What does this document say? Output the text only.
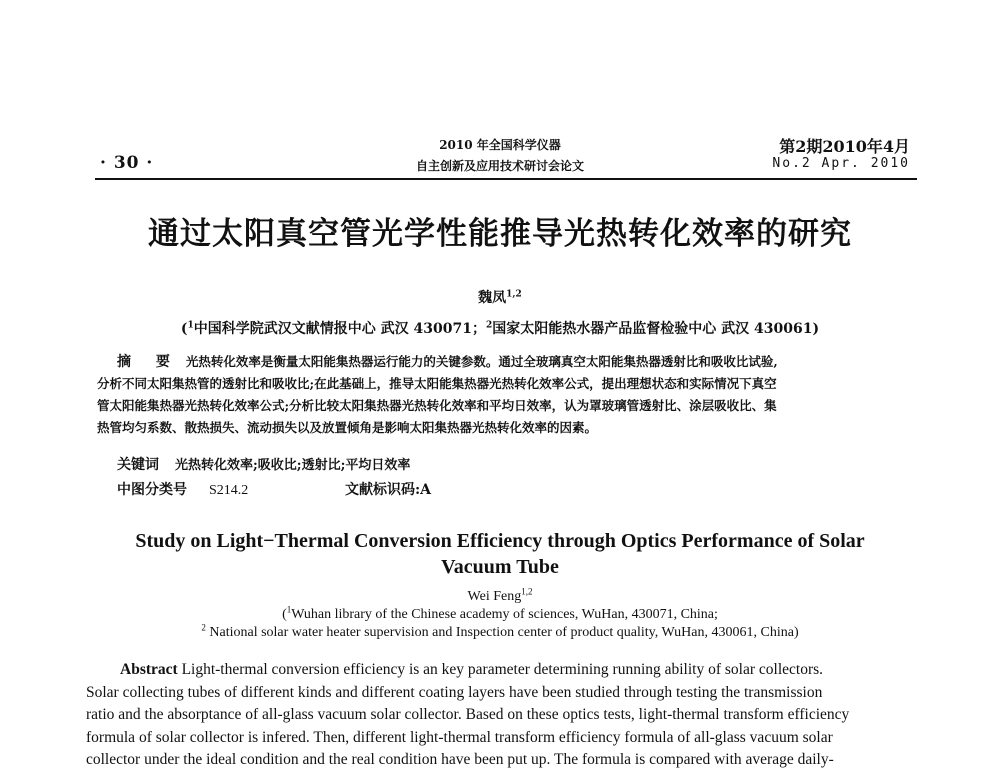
· 30 ·
2010 年全国科学仪器
自主创新及应用技术研讨会论文
第2期2010年4月
No.2 Apr. 2010
通过太阳真空管光学性能推导光热转化效率的研究
魏凤$^{1,2}$
($^1$中国科学院武汉文献情报中心 武汉 430071；$^2$国家太阳能热水器产品监督检验中心 武汉 430061)
摘 要 光热转化效率是衡量太阳能集热器运行能力的关键参数。通过全玻璃真空太阳能集热器透射比和吸收比试验,
分析不同太阳集热管的透射比和吸收比;在此基础上，推导太阳能集热器光热转化效率公式，提出理想状态和实际情况下真空
管太阳能集热器光热转化效率公式;分析比较太阳集热器光热转化效率和平均日效率，认为罩玻璃管透射比、涂层吸收比、集
热管均匀系数、散热损失、流动损失以及放置倾角是影响太阳集热器光热转化效率的因素。
关键词 光热转化效率;吸收比;透射比;平均日效率
中图分类号 S214.2	文献标识码:A
Study on Light−Thermal Conversion Efficiency through Optics Performance of Solar
Vacuum Tube
Wei Feng$^{1,2}$
($^1$Wuhan library of the Chinese academy of sciences, WuHan, 430071, China;
$^2$ National solar water heater supervision and Inspection center of product quality, WuHan, 430061, China)
Abstract Light-thermal conversion efficiency is an key parameter determining running ability of solar collectors.
Solar collecting tubes of different kinds and different coating layers have been studied through testing the transmission
ratio and the absorptance of all-glass vacuum solar collector. Based on these optics tests, light-thermal transform efficiency
formula of solar collector is infered. Then, different light-thermal transform efficiency formula of all-glass vacuum solar
collector under the ideal condition and the real condition have been put up. The formula is compared with average daily-
